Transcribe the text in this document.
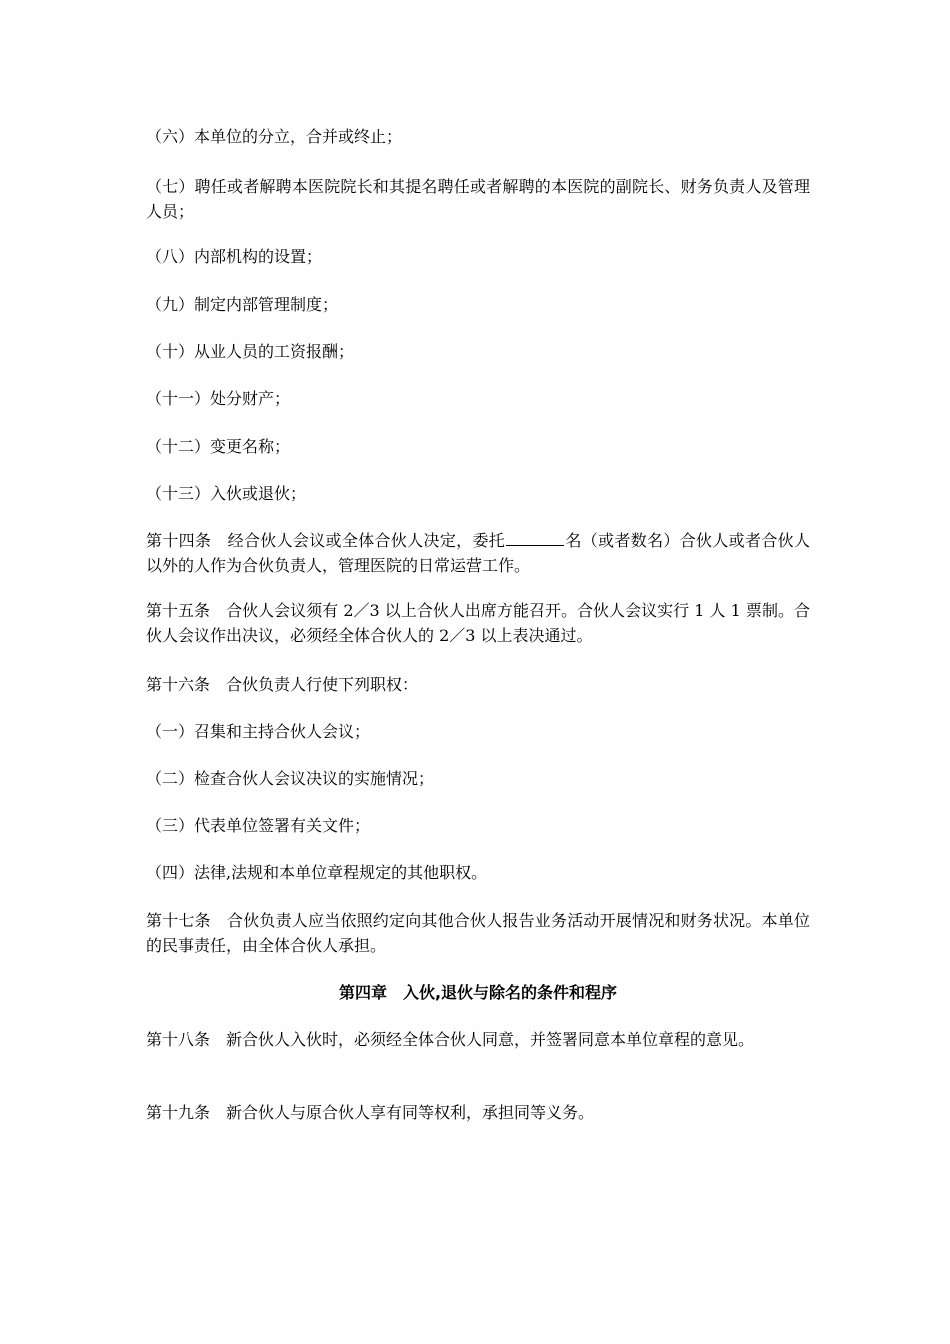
（六）本单位的分立，合并或终止；

（七）聘任或者解聘本医院院长和其提名聘任或者解聘的本医院的副院长、财务负责人及管理人员；

（八）内部机构的设置；

（九）制定内部管理制度；

（十）从业人员的工资报酬；

（十一）处分财产；

（十二）变更名称；

（十三）入伙或退伙；

第十四条　经合伙人会议或全体合伙人决定，委托	名（或者数名）合伙人或者合伙人以外的人作为合伙负责人，管理医院的日常运营工作。

第十五条　合伙人会议须有 2／3 以上合伙人出席方能召开。合伙人会议实行 1 人 1 票制。合伙人会议作出决议，必须经全体合伙人的 2／3 以上表决通过。

第十六条　合伙负责人行使下列职权：

（一）召集和主持合伙人会议；

（二）检查合伙人会议决议的实施情况；

（三）代表单位签署有关文件；

（四）法律,法规和本单位章程规定的其他职权。

第十七条　合伙负责人应当依照约定向其他合伙人报告业务活动开展情况和财务状况。本单位的民事责任，由全体合伙人承担。

第四章　入伙,退伙与除名的条件和程序

第十八条　新合伙人入伙时，必须经全体合伙人同意，并签署同意本单位章程的意见。

第十九条　新合伙人与原合伙人享有同等权利，承担同等义务。
